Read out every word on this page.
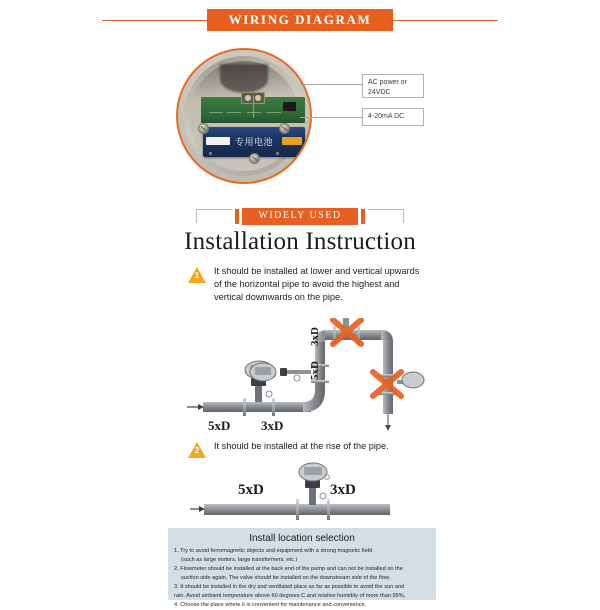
WIRING DIAGRAM
专用电池
AC power or 24VDC
4-20mA DC
WIDELY USED
Installation Instruction
1	It should be installed at lower and vertical upwards of the horizontal pipe to avoid the highest and vertical downwards on the pipe.
5xD 3xD
5xD
3xD
2	It should be installed at the rise of the pipe.
5xD	3xD
Install location selection
1. Try to avoid ferromagnetic objects and equipment with a strong magnetic field
(such as large motors, large transformers, etc.)
2. Flowmeter should be installed at the back end of the pump and can not be installed on the
suction side again. The valve should be installed on the downstream side of the flow.
3. It should be installed in the dry and ventilated place as far as possible to avoid the sun and
rain. Avoid ambient temperature above 60 degrees C and relative humidity of more than 95%,
4. Choose the place where it is convenient for maintenance and convenience.
